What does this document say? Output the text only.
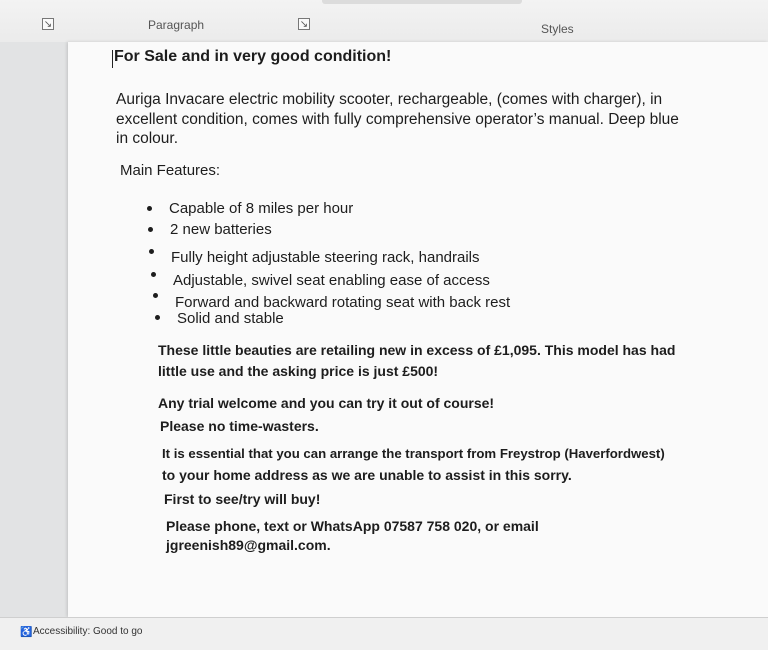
↘	Paragraph	↘	Styles
For Sale and in very good condition!
Auriga Invacare electric mobility scooter, rechargeable, (comes with charger), in
excellent condition, comes with fully comprehensive operator’s manual. Deep blue
in colour.
Main Features:
Capable of 8 miles per hour
2 new batteries
Fully height adjustable steering rack, handrails
Adjustable, swivel seat enabling ease of access
Forward and backward rotating seat with back rest
Solid and stable
These little beauties are retailing new in excess of £1,095. This model has had
little use and the asking price is just £500!
Any trial welcome and you can try it out of course!
Please no time-wasters.
It is essential that you can arrange the transport from Freystrop (Haverfordwest)
to your home address as we are unable to assist in this sorry.
First to see/try will buy!
Please phone, text or WhatsApp 07587 758 020, or email
jgreenish89@gmail.com.
♿Accessibility: Good to go
